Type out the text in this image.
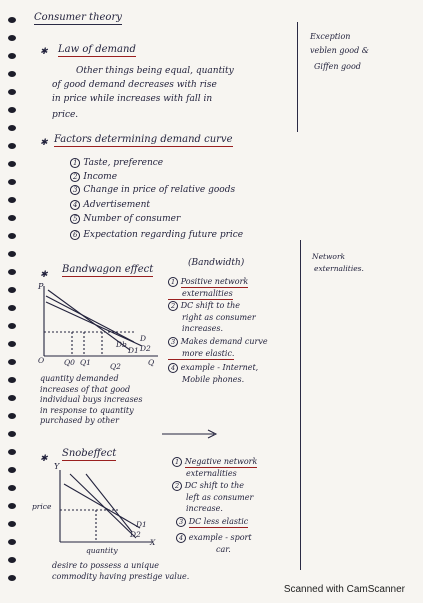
Consumer theory
✱ Law of demand
Other things being equal, quantity
of good demand decreases with rise
in price while increases with fall in
price.
Exception
veblen good &
Giffen good
✱ Factors determining demand curve
1 Taste, preference
2 Income
3 Change in price of relative goods
4 Advertisement
5 Number of consumer
6 Expectation regarding future price
Network
externalities.
✱ Bandwagon effect
(Bandwidth)
P
O	Q0 Q1	Q
D
D2
Db
D1
Q2
1 Positive network
externalities
2 DC shift to the
right as consumer
increases.
3 Makes demand curve
more elastic.
4 example - Internet,
Mobile phones.
quantity demanded
increases of that good
individual buys increases
in response to quantity
purchased by other
✱ Snobeffect
Y
price
D1
D2
X
quantity
1 Negative network
externalities
2 DC shift to the
left as consumer
increase.
3 DC less elastic
4 example - sport
car.
desire to possess a unique
commodity having prestige value.
Scanned with CamScanner
